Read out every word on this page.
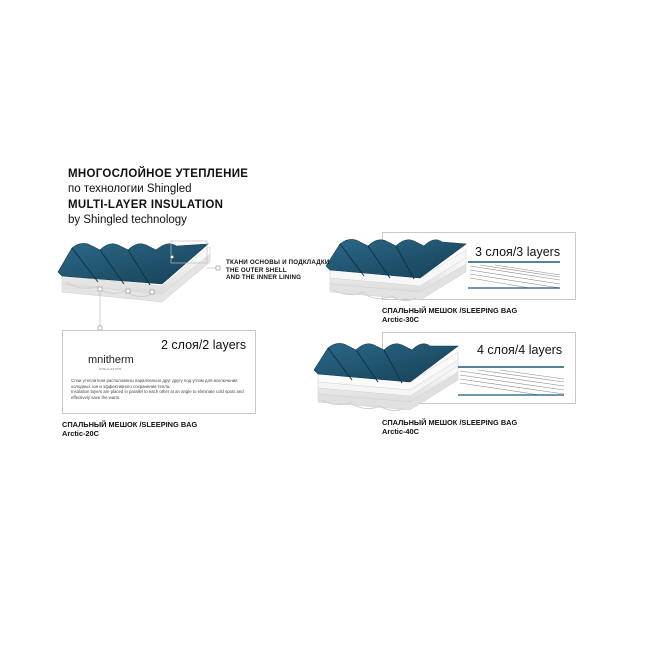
МНОГОСЛОЙНОЕ УТЕПЛЕНИЕ
по технологии Shingled
MULTI-LAYER INSULATION
by Shingled technology
ТКАНИ ОСНОВЫ И ПОДКЛАДКИ
THE OUTER SHELL
AND THE INNER LINING
2 слоя/2 layers
mnitherm
INSULATION
Слои утеплителя расположены параллельно друг другу под углом для исключения холодных зон и эффективного сохранения тепла.
Insulation layers are placed in parallel to each other at an angle to eliminate cold spots and effectively save the warm.
СПАЛЬНЫЙ МЕШОК /SLEEPING BAG
Arctic-20C
3 слоя/3 layers
СПАЛЬНЫЙ МЕШОК /SLEEPING BAG
Arctic-30C
4 слоя/4 layers
СПАЛЬНЫЙ МЕШОК /SLEEPING BAG
Arctic-40C
